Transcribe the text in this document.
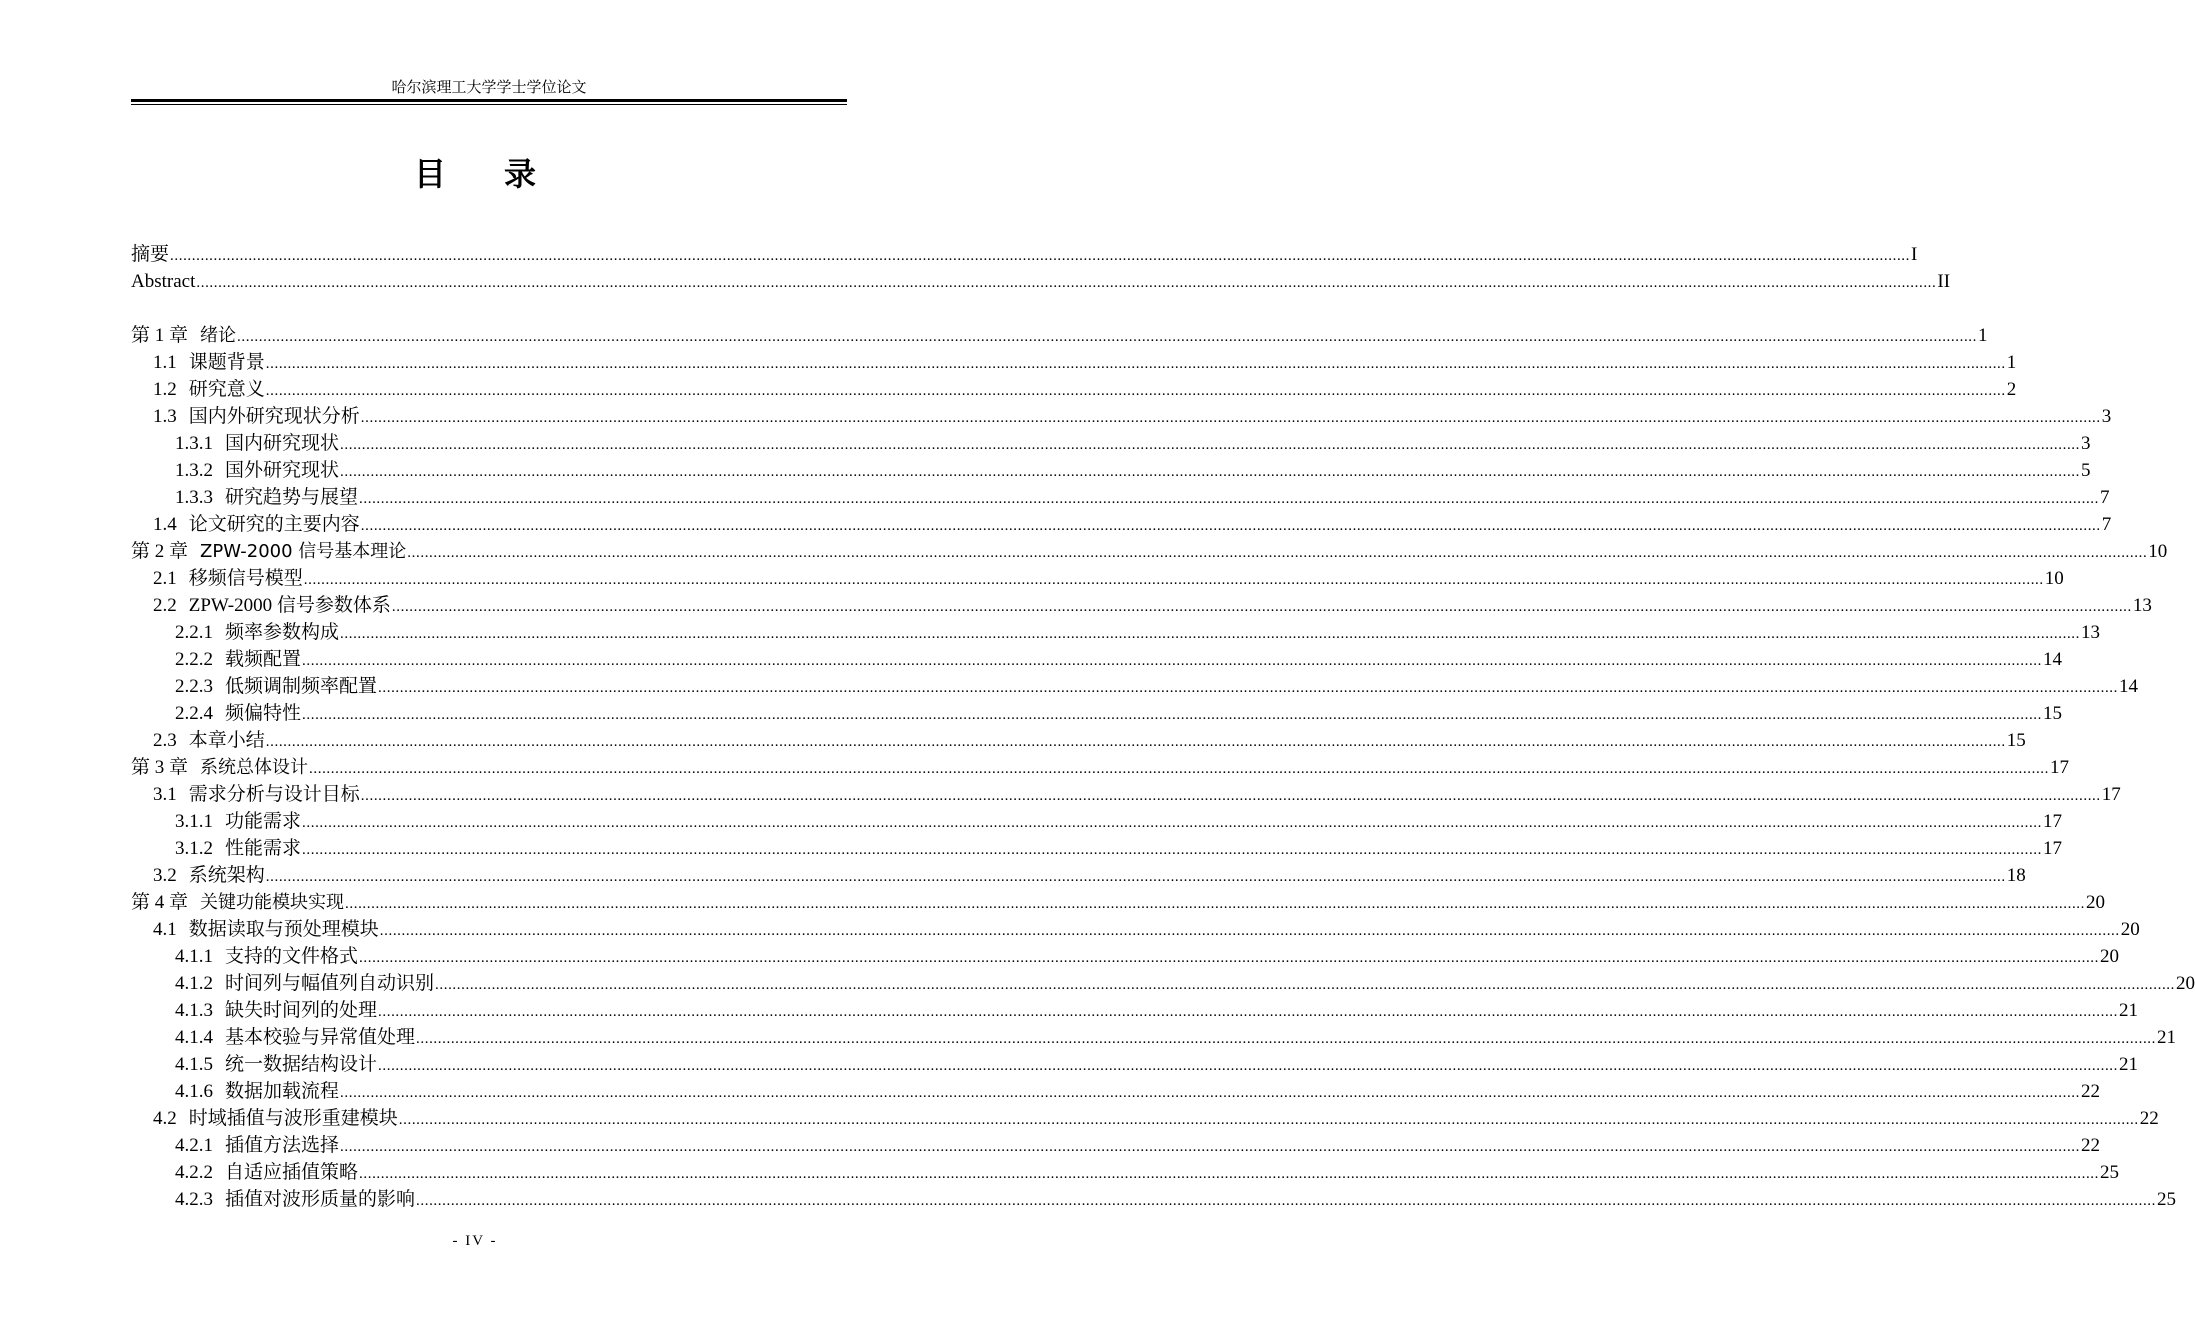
哈尔滨理工大学学士学位论文
目录
摘要 ................................................................................................................................................................................................................................................................................................................................................................................................................ I
Abstract ................................................................................................................................................................................................................................................................................................................................................................................................................ II
第 1 章 绪论 ................................................................................................................................................................................................................................................................................................................................................................................................................ 1
1.1 课题背景 ................................................................................................................................................................................................................................................................................................................................................................................................................ 1
1.2 研究意义 ................................................................................................................................................................................................................................................................................................................................................................................................................ 2
1.3 国内外研究现状分析 ................................................................................................................................................................................................................................................................................................................................................................................................................ 3
1.3.1 国内研究现状 ................................................................................................................................................................................................................................................................................................................................................................................................................ 3
1.3.2 国外研究现状 ................................................................................................................................................................................................................................................................................................................................................................................................................ 5
1.3.3 研究趋势与展望 ................................................................................................................................................................................................................................................................................................................................................................................................................ 7
1.4 论文研究的主要内容 ................................................................................................................................................................................................................................................................................................................................................................................................................ 7
第 2 章 ZPW-2000 信号基本理论 ................................................................................................................................................................................................................................................................................................................................................................................................................ 10
2.1 移频信号模型 ................................................................................................................................................................................................................................................................................................................................................................................................................ 10
2.2 ZPW-2000 信号参数体系 ................................................................................................................................................................................................................................................................................................................................................................................................................ 13
2.2.1 频率参数构成 ................................................................................................................................................................................................................................................................................................................................................................................................................ 13
2.2.2 载频配置 ................................................................................................................................................................................................................................................................................................................................................................................................................ 14
2.2.3 低频调制频率配置 ................................................................................................................................................................................................................................................................................................................................................................................................................ 14
2.2.4 频偏特性 ................................................................................................................................................................................................................................................................................................................................................................................................................ 15
2.3 本章小结 ................................................................................................................................................................................................................................................................................................................................................................................................................ 15
第 3 章 系统总体设计 ................................................................................................................................................................................................................................................................................................................................................................................................................ 17
3.1 需求分析与设计目标 ................................................................................................................................................................................................................................................................................................................................................................................................................ 17
3.1.1 功能需求 ................................................................................................................................................................................................................................................................................................................................................................................................................ 17
3.1.2 性能需求 ................................................................................................................................................................................................................................................................................................................................................................................................................ 17
3.2 系统架构 ................................................................................................................................................................................................................................................................................................................................................................................................................ 18
第 4 章 关键功能模块实现 ................................................................................................................................................................................................................................................................................................................................................................................................................ 20
4.1 数据读取与预处理模块 ................................................................................................................................................................................................................................................................................................................................................................................................................ 20
4.1.1 支持的文件格式 ................................................................................................................................................................................................................................................................................................................................................................................................................ 20
4.1.2 时间列与幅值列自动识别 ................................................................................................................................................................................................................................................................................................................................................................................................................ 20
4.1.3 缺失时间列的处理 ................................................................................................................................................................................................................................................................................................................................................................................................................ 21
4.1.4 基本校验与异常值处理 ................................................................................................................................................................................................................................................................................................................................................................................................................ 21
4.1.5 统一数据结构设计 ................................................................................................................................................................................................................................................................................................................................................................................................................ 21
4.1.6 数据加载流程 ................................................................................................................................................................................................................................................................................................................................................................................................................ 22
4.2 时域插值与波形重建模块 ................................................................................................................................................................................................................................................................................................................................................................................................................ 22
4.2.1 插值方法选择 ................................................................................................................................................................................................................................................................................................................................................................................................................ 22
4.2.2 自适应插值策略 ................................................................................................................................................................................................................................................................................................................................................................................................................ 25
4.2.3 插值对波形质量的影响 ................................................................................................................................................................................................................................................................................................................................................................................................................ 25
- IV -
